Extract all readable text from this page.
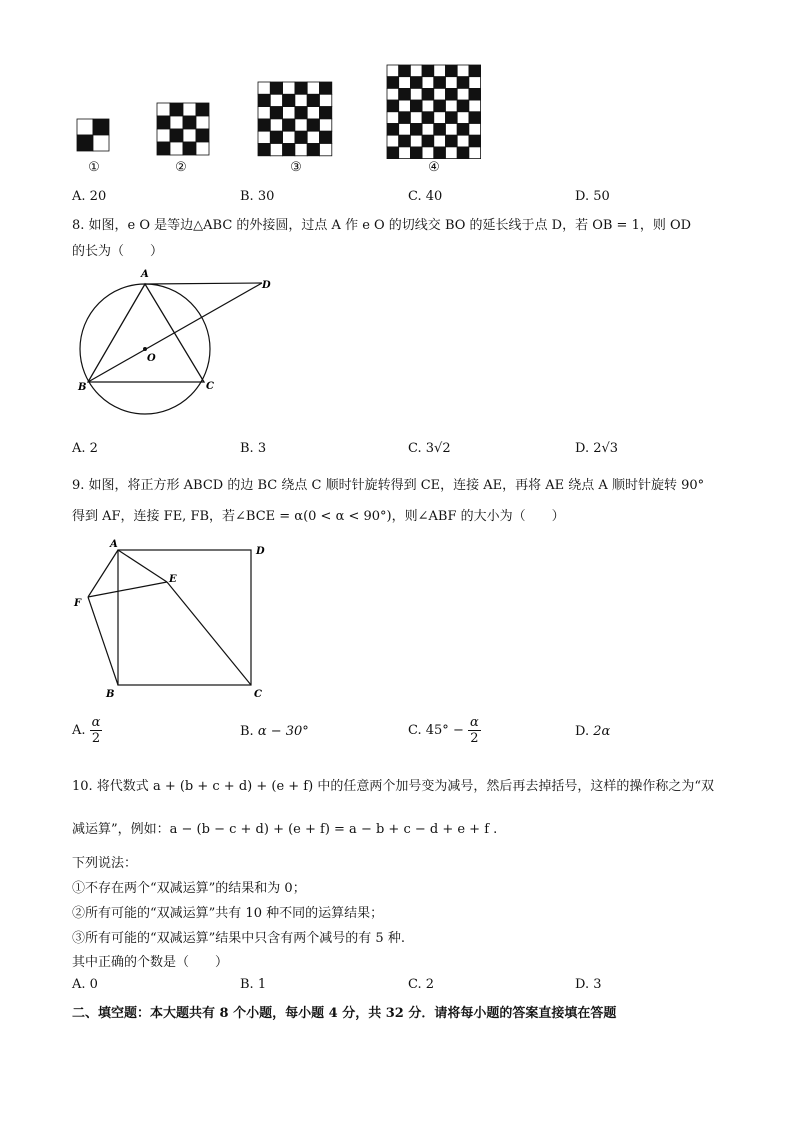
①	②	③	④
A. 20	B. 30	C. 40	D. 50
8. 如图，e O 是等边△ABC 的外接圆，过点 A 作 e O 的切线交 BO 的延长线于点 D，若 OB = 1，则 OD
的长为（　　）
A
B	C
D
O
A. 2	B. 3	C. 3√2	D. 2√3
9. 如图，将正方形 ABCD 的边 BC 绕点 C 顺时针旋转得到 CE，连接 AE，再将 AE 绕点 A 顺时针旋转 90°
得到 AF，连接 FE, FB，若∠BCE = α(0 < α < 90°)，则∠ABF 的大小为（　　）
A
D
E
F
B	C
A. $\frac{\alpha}{2}$	B. α − 30°	C. $45^\circ - \frac{\alpha}{2}$	D. 2α
10. 将代数式 a + (b + c + d) + (e + f) 中的任意两个加号变为减号，然后再去掉括号，这样的操作称之为“双
减运算”，例如：a − (b − c + d) + (e + f) = a − b + c − d + e + f .
下列说法：
①不存在两个“双减运算”的结果和为 0；
②所有可能的“双减运算”共有 10 种不同的运算结果；
③所有可能的“双减运算”结果中只含有两个减号的有 5 种.
其中正确的个数是（　　）
A. 0	B. 1	C. 2	D. 3
二、填空题：本大题共有 8 个小题，每小题 4 分，共 32 分．请将每小题的答案直接填在答题
